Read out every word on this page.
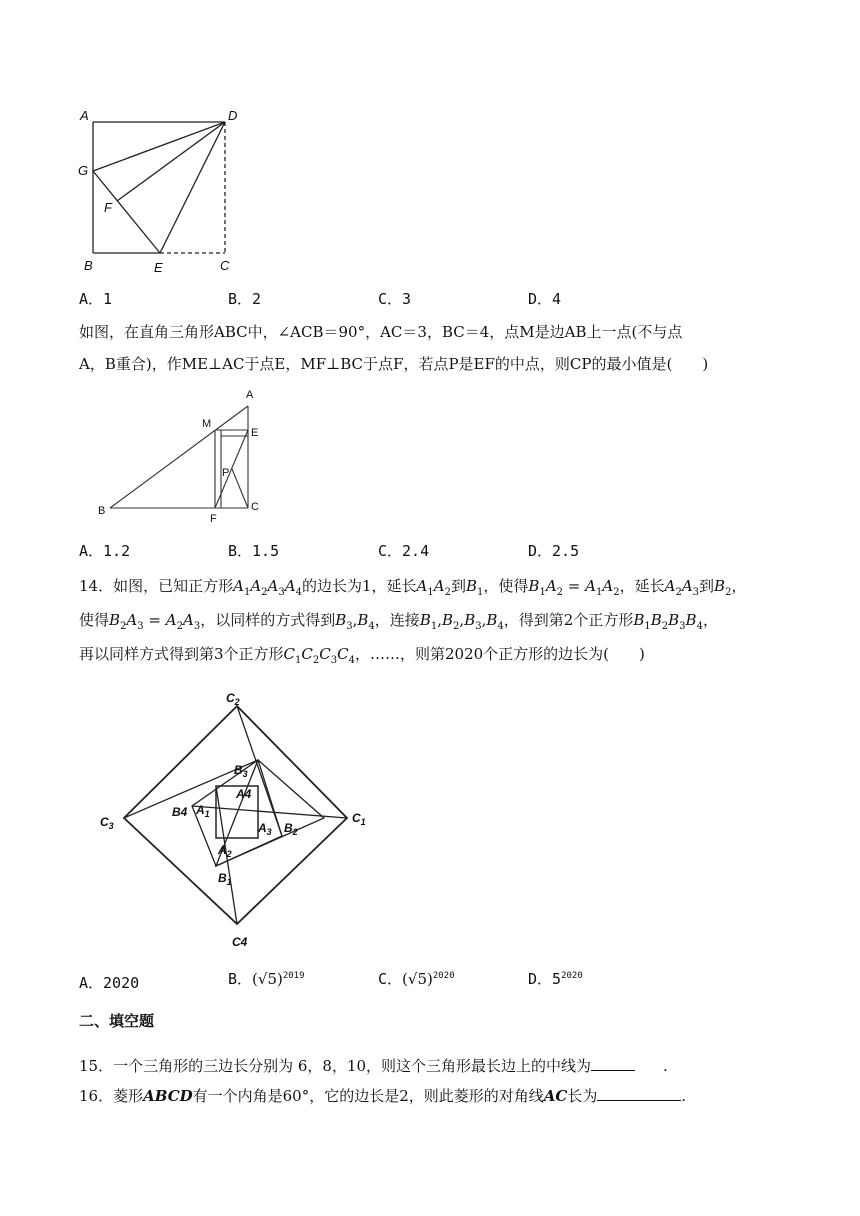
A	D
G
F
B	E	C
A．1	B．2	C．3	D．4
如图，在直角三角形ABC中，∠ACB＝90°，AC＝3，BC＝4，点M是边AB上一点(不与点
A，B重合)，作ME⊥AC于点E，MF⊥BC于点F，若点P是EF的中点，则CP的最小值是(　　)
A
M
E
P
B
F
C
A．1.2	B．1.5	C．2.4	D．2.5
14．如图，已知正方形$A_1A_2A_3A_4$的边长为1，延长$A_1A_2$到$B_1$，使得$B_1A_2 = A_1A_2$，延长$A_2A_3$到$B_2$，
使得$B_2A_3 = A_2A_3$，以同样的方式得到$B_3,B_4$，连接$B_1,B_2,B_3,B_4$，得到第2个正方形$B_1B_2B_3B_4$，
再以同样方式得到第3个正方形$C_1C_2C_3C_4$，……，则第2020个正方形的边长为(　　)
$C_2$
$C_1$
$C_3$
C4
$B_3$
B4
$B_2$
$B_1$
$A_1$
$A_2$
$A_3$
A4
A．2020	B．$(√5)^{2019}$	C．$(√5)^{2020}$	D．$5^{2020}$
二、填空题
15．一个三角形的三边长分别为 6，8，10，则这个三角形最长边上的中线为	.
16．菱形ABCD有一个内角是60°，它的边长是2，则此菱形的对角线AC长为	.
